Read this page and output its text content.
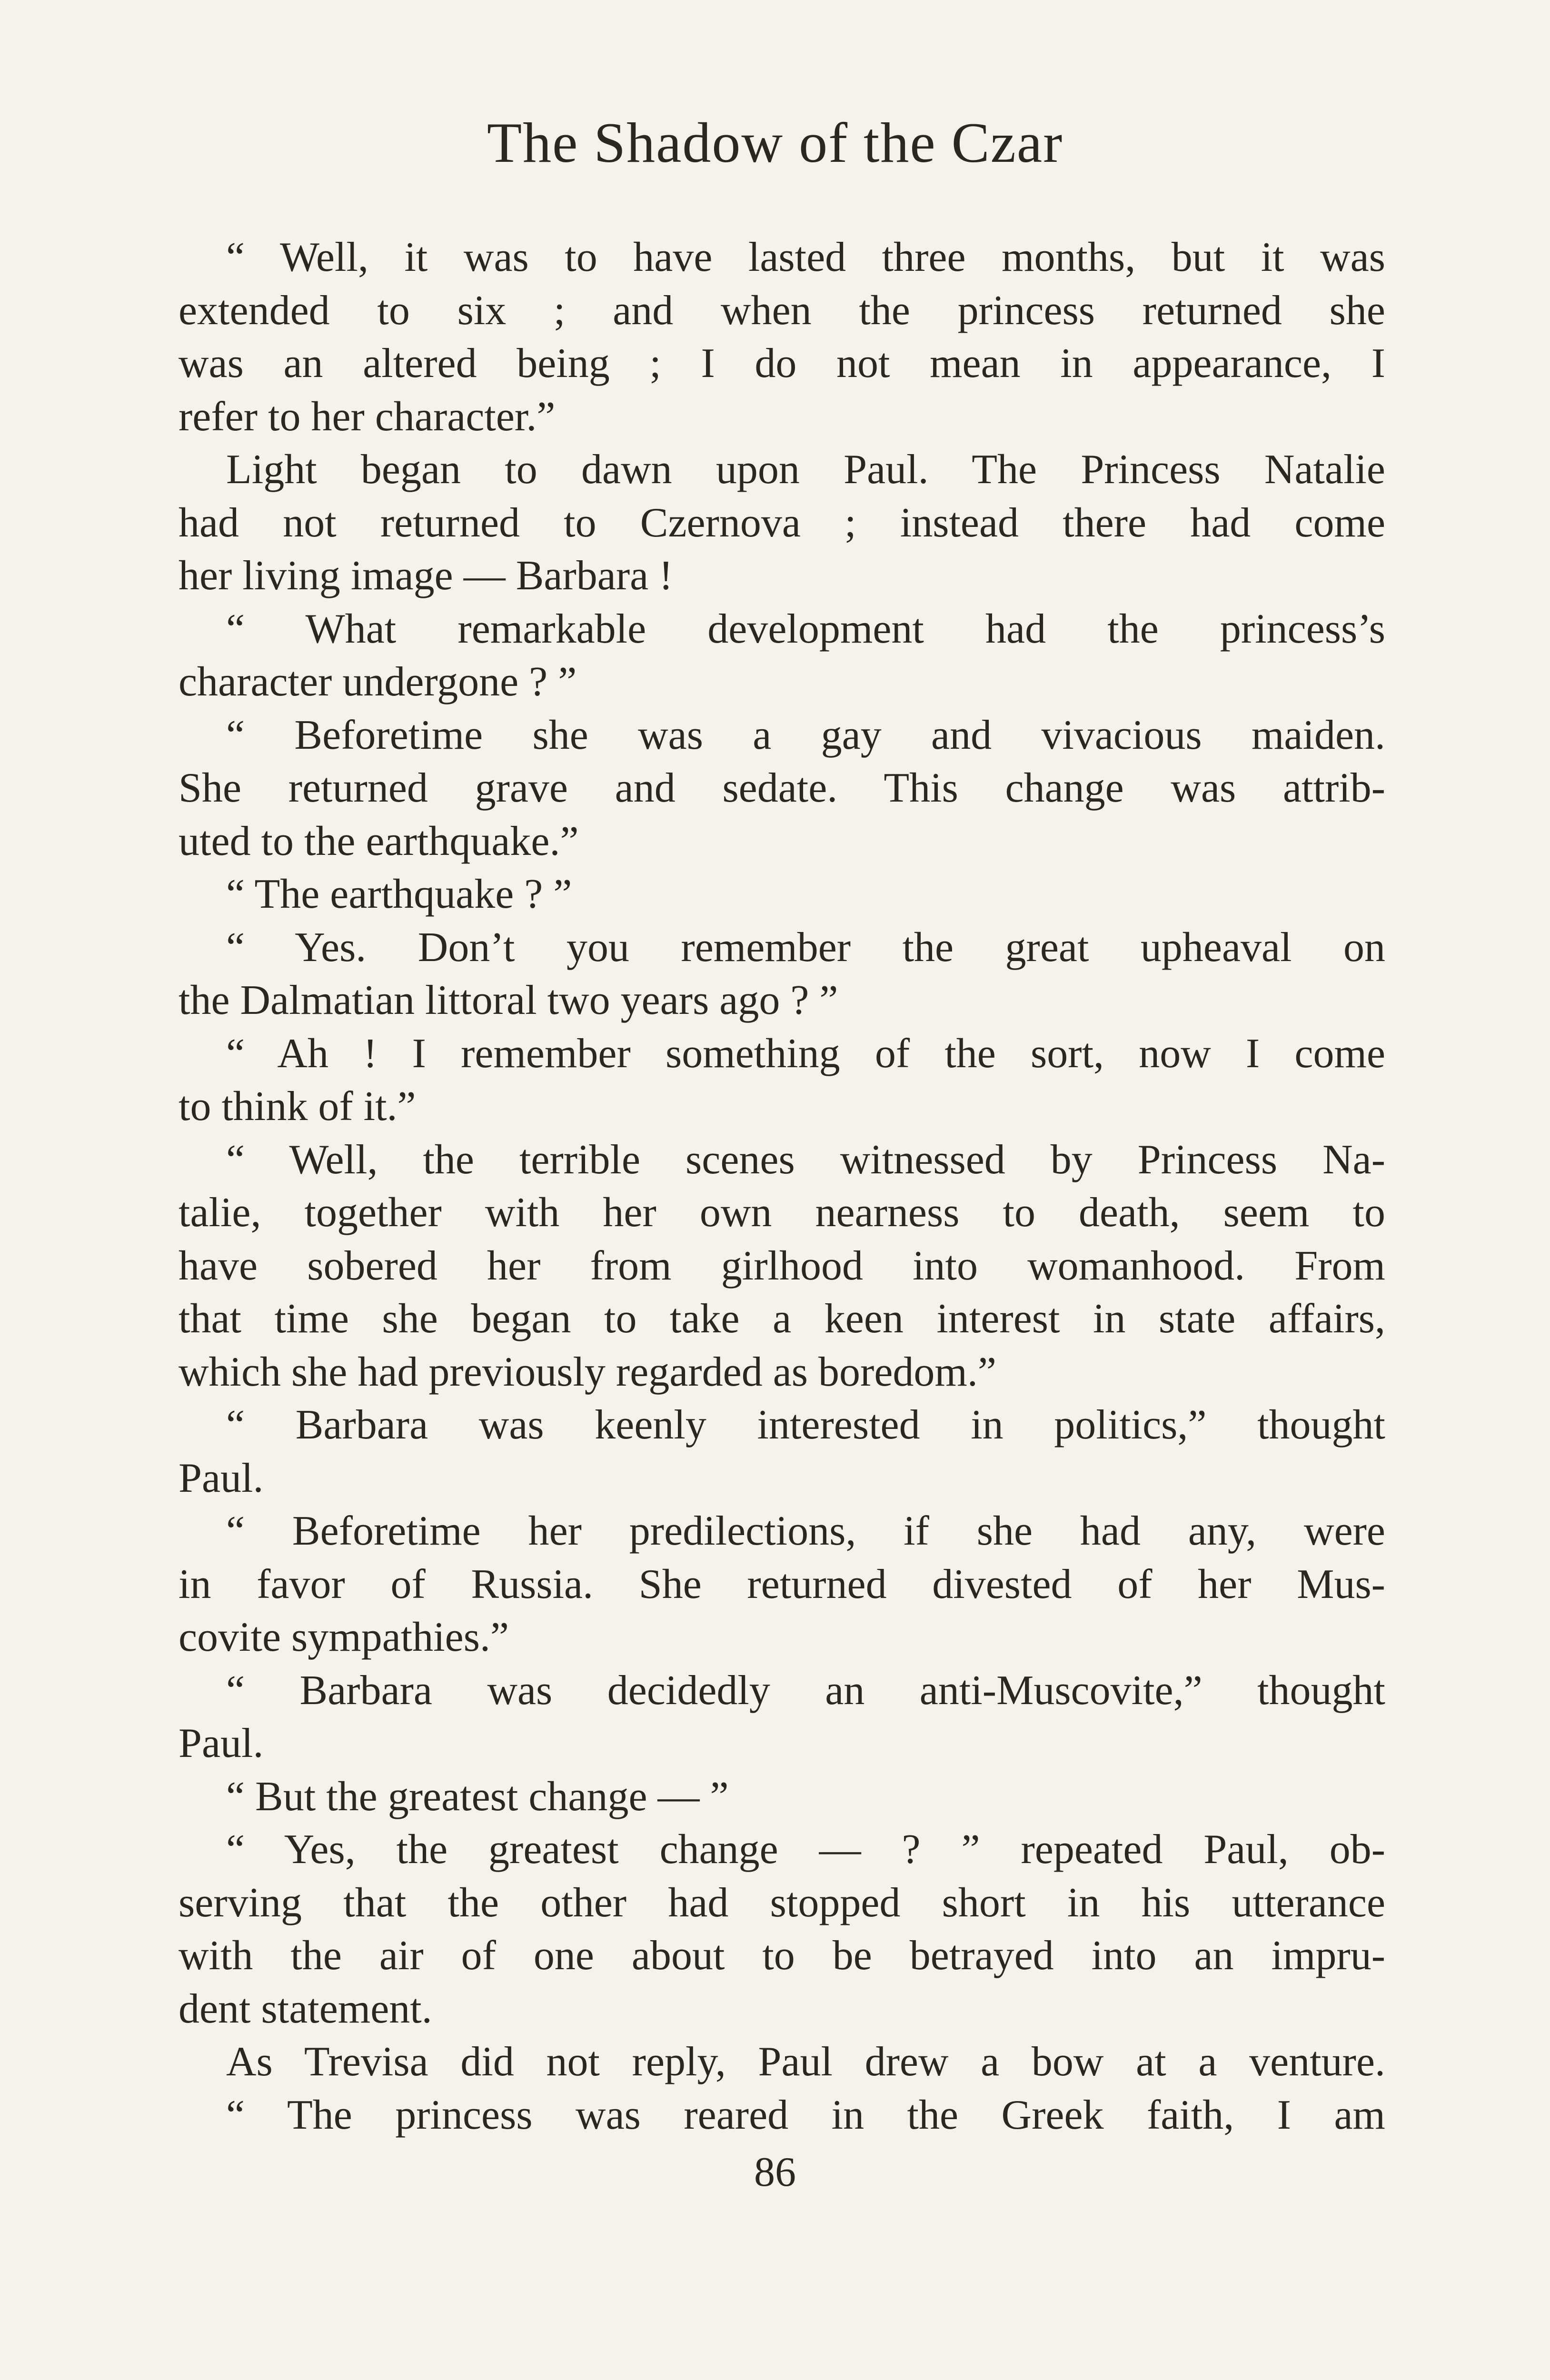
The Shadow of the Czar
“ Well, it was to have lasted three months, but it was
extended to six ; and when the princess returned she
was an altered being ; I do not mean in appearance, I
refer to her character.”
Light began to dawn upon Paul. The Princess Natalie
had not returned to Czernova ; instead there had come
her living image — Barbara !
“ What remarkable development had the princess’s
character undergone ? ”
“ Beforetime she was a gay and vivacious maiden.
She returned grave and sedate. This change was attrib-
uted to the earthquake.”
“ The earthquake ? ”
“ Yes. Don’t you remember the great upheaval on
the Dalmatian littoral two years ago ? ”
“ Ah ! I remember something of the sort, now I come
to think of it.”
“ Well, the terrible scenes witnessed by Princess Na-
talie, together with her own nearness to death, seem to
have sobered her from girlhood into womanhood. From
that time she began to take a keen interest in state affairs,
which she had previously regarded as boredom.”
“ Barbara was keenly interested in politics,” thought
Paul.
“ Beforetime her predilections, if she had any, were
in favor of Russia. She returned divested of her Mus-
covite sympathies.”
“ Barbara was decidedly an anti-Muscovite,” thought
Paul.
“ But the greatest change — ”
“ Yes, the greatest change — ? ” repeated Paul, ob-
serving that the other had stopped short in his utterance
with the air of one about to be betrayed into an impru-
dent statement.
As Trevisa did not reply, Paul drew a bow at a venture.
“ The princess was reared in the Greek faith, I am
86
